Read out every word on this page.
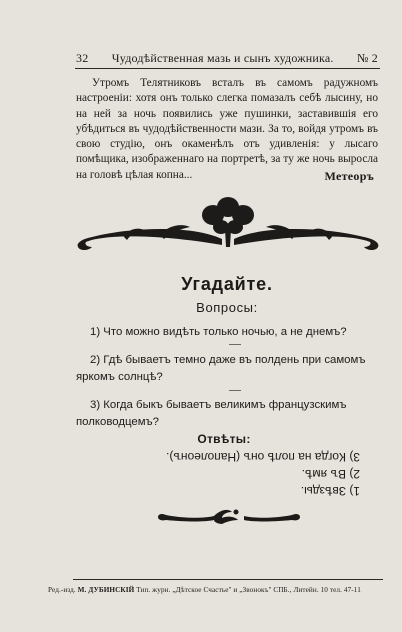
32	Чудодѣйственная мазь и сынъ художника.	№ 2

Утромъ Телятниковъ всталъ въ самомъ радужномъ настроеніи: хотя онъ только слегка помазалъ себѣ лысину, но на ней за ночь появились уже пушинки, заставившія его убѣдиться въ чудодѣйственности мази. За то, войдя утромъ въ свою студію, онъ окаменѣлъ отъ удивленія: у лысаго помѣщика, изображеннаго на портретѣ, за ту же ночь выросла на головѣ цѣлая копна...	Метеоръ
Угадайте.
Вопросы:
1) Что можно видѣть только ночью, а не днемъ?
2) Гдѣ бываетъ темно даже въ полдень при самомъ яркомъ солнцѣ?
3) Когда быкъ бываетъ великимъ французскимъ полководцемъ?
Отвѣты:
1) Звѣзды.
2) Въ ямѣ.
3) Когда на полѣ онъ (Наполеонъ).
Ред.-изд. М. ДУБИНСКІЙ Тип. журн. „Дѣтское Счастье" и „Звонокъ" СПБ., Литейн. 10 тел. 47-11
